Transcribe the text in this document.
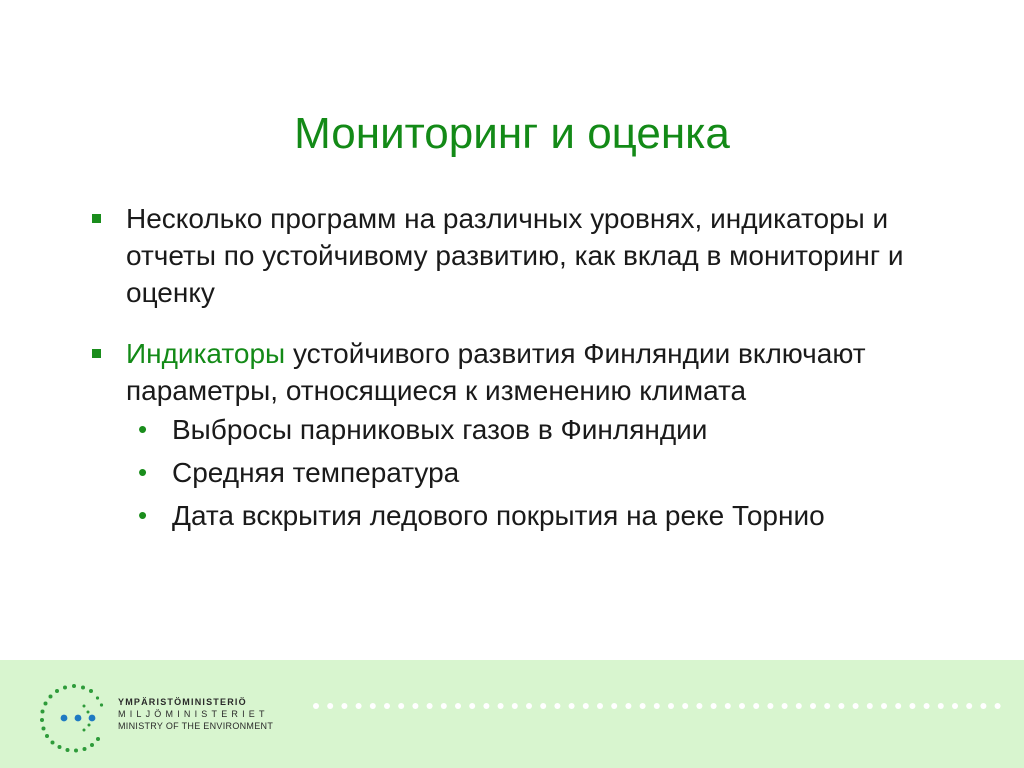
Мониторинг и оценка
Несколько программ на различных уровнях, индикаторы и отчеты по устойчивому развитию, как вклад в мониторинг и оценку
Индикаторы устойчивого развития Финляндии включают параметры, относящиеся к изменению климата
• Выбросы парниковых газов в Финляндии
• Средняя температура
• Дата вскрытия ледового покрытия на реке Торнио
YMPÄRISTÖMINISTERIÖ
MILJÖMINISTERIET
MINISTRY OF THE ENVIRONMENT
